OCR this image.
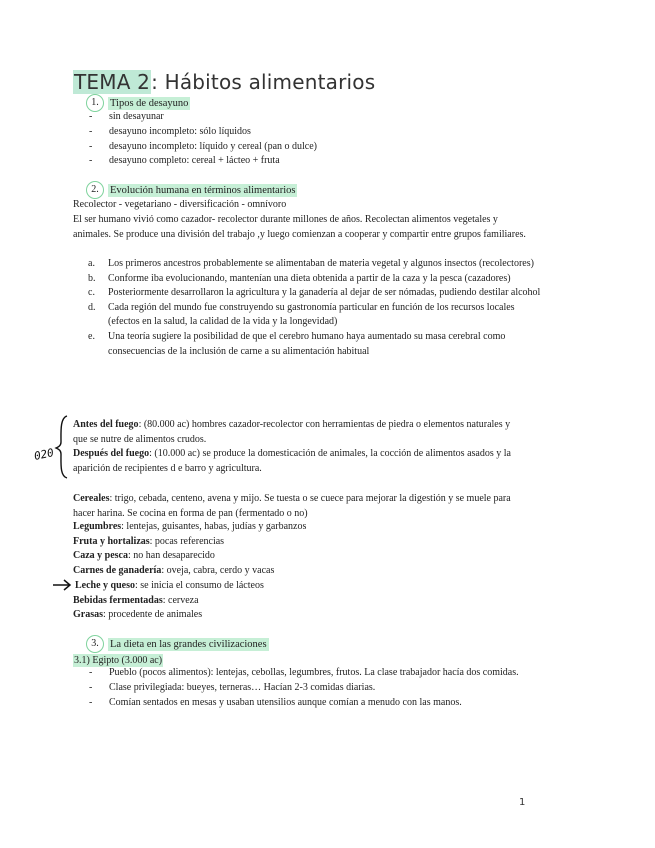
TEMA 2: Hábitos alimentarios
1.	Tipos de desayuno
- sin desayunar
- desayuno incompleto: sólo líquidos
- desayuno incompleto: líquido y cereal (pan o dulce)
- desayuno completo: cereal + lácteo + fruta
2.	Evolución humana en términos alimentarios
Recolector - vegetariano - diversificación - omnívoro
El ser humano vivió como cazador- recolector durante millones de años. Recolectan alimentos vegetales y animales. Se produce una división del trabajo ,y luego comienzan a cooperar y compartir entre grupos familiares.
a. Los primeros ancestros probablemente se alimentaban de materia vegetal y algunos insectos (recolectores)
b. Conforme iba evolucionando, mantenían una dieta obtenida a partir de la caza y la pesca (cazadores)
c. Posteriormente desarrollaron la agricultura y la ganadería al dejar de ser nómadas, pudiendo destilar alcohol
d. Cada región del mundo fue construyendo su gastronomía particular en función de los recursos locales (efectos en la salud, la calidad de la vida y la longevidad)
e. Una teoría sugiere la posibilidad de que el cerebro humano haya aumentado su masa cerebral como consecuencias de la inclusión de carne a su alimentación habitual
020
Antes del fuego: (80.000 ac) hombres cazador-recolector con herramientas de piedra o elementos naturales y que se nutre de alimentos crudos.
Después del fuego: (10.000 ac) se produce la domesticación de animales, la cocción de alimentos asados y la aparición de recipientes d e barro y agricultura.
Cereales: trigo, cebada, centeno, avena y mijo. Se tuesta o se cuece para mejorar la digestión y se muele para hacer harina. Se cocina en forma de pan (fermentado o no)
Legumbres: lentejas, guisantes, habas, judías y garbanzos
Fruta y hortalizas: pocas referencias
Caza y pesca: no han desaparecido
Carnes de ganadería: oveja, cabra, cerdo y vacas
Leche y queso: se inicia el consumo de lácteos
Bebidas fermentadas: cerveza
Grasas: procedente de animales
3.	La dieta en las grandes civilizaciones
3.1) Egipto (3.000 ac)
- Pueblo (pocos alimentos): lentejas, cebollas, legumbres, frutos. La clase trabajador hacía dos comidas.
- Clase privilegiada: bueyes, terneras… Hacían 2-3 comidas diarias.
- Comían sentados en mesas y usaban utensilios aunque comían a menudo con las manos.
1
